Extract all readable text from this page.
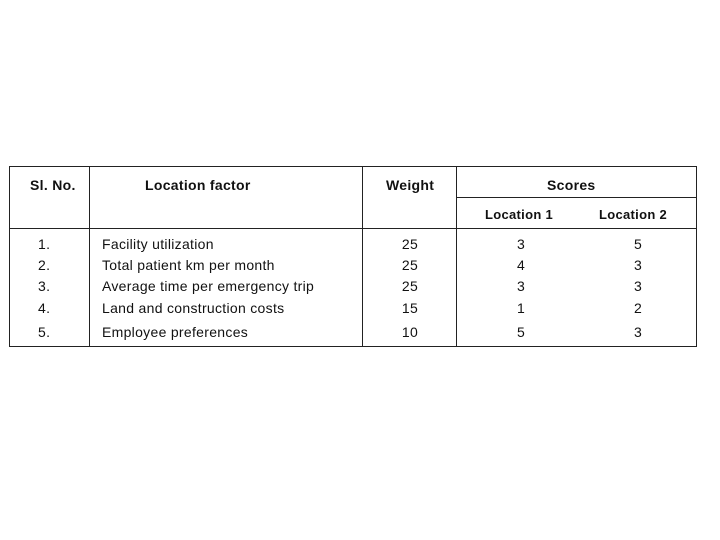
Sl. No.	Location factor	Weight	Scores
Location 1	Location 2
1.	Facility utilization	25	3	5
2.	Total patient km per month	25	4	3
3.	Average time per emergency trip	25	3	3
4.	Land and construction costs	15	1	2
5.	Employee preferences	10	5	3
